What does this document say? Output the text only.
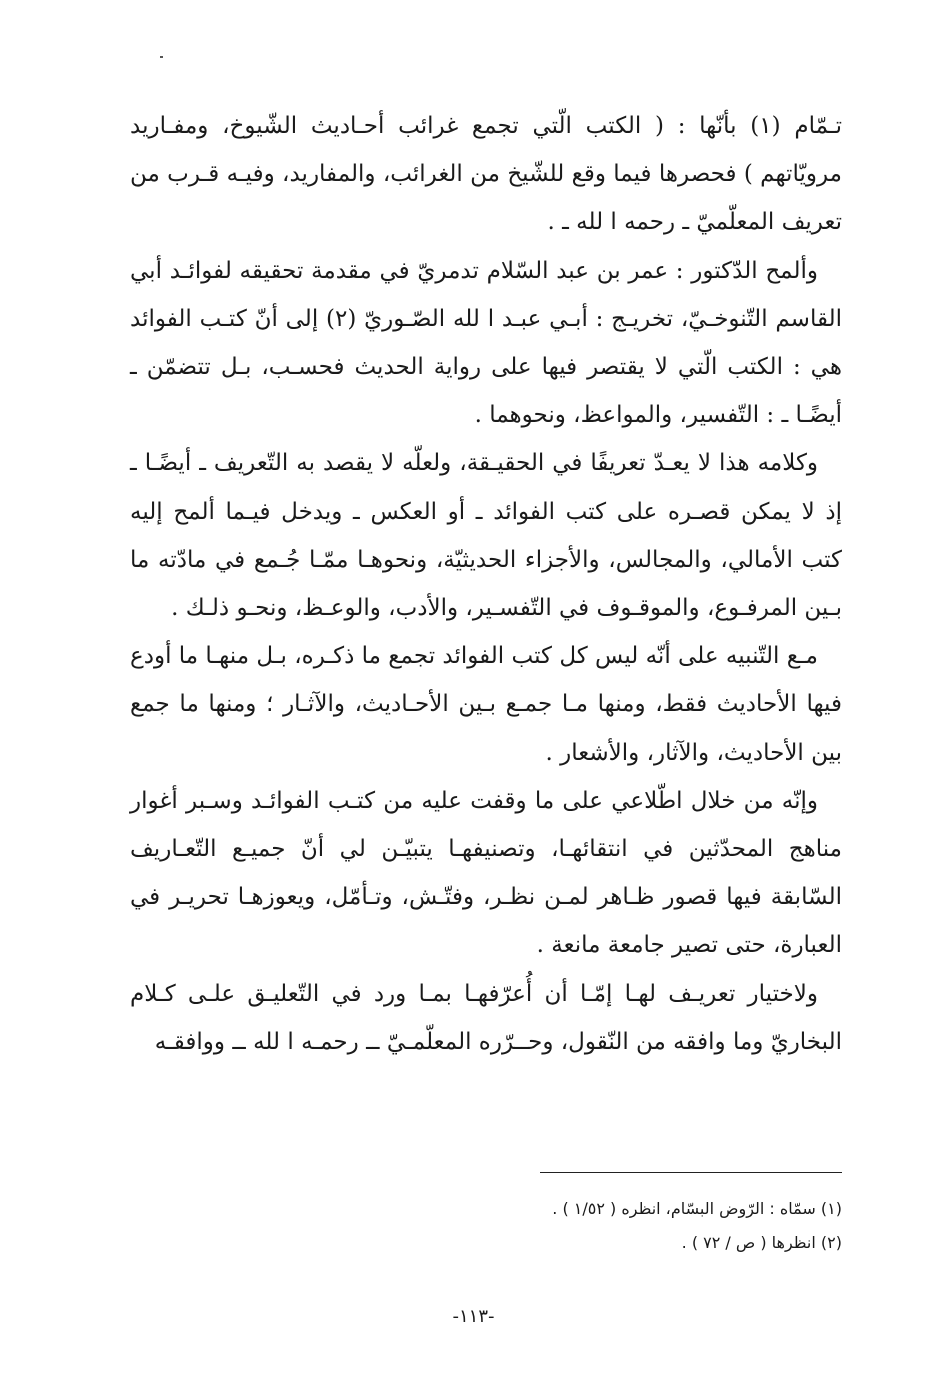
تـمّام (١) بأنّها : ( الكتب الّتي تجمع غرائب أحـاديث الشّيوخ، ومفـاريد مرويّاتهم ) فحصرها فيما وقع للشّيخ من الغرائب، والمفاريد، وفيـه قـرب من تعريف المعلّميّ ـ رحمه ا لله ـ .

وألمح الدّكتور : عمر بن عبد السّلام تدمريّ في مقدمة تحقيقه لفوائـد أبي القاسم التّنوخـيّ، تخريـج : أبـي عبـد ا لله الصّـوريّ (٢) إلى أنّ كتـب الفوائد هي : الكتب الّتي لا يقتصر فيها على رواية الحديث فحسـب، بـل تتضمّن ـ أيضًـا ـ : التّفسير، والمواعظ، ونحوهما .

وكلامه هذا لا يعـدّ تعريفًا في الحقيـقة، ولعلّه لا يقصد به التّعريف ـ أيضًـا ـ إذ لا يمكن قصـره على كتب الفوائد ـ أو العكس ـ ويدخل فيـما ألمح إليه كتب الأمالي، والمجالس، والأجزاء الحديثيّة، ونحوهـا ممّـا جُـمع في مادّته ما بـين المرفـوع، والموقـوف في التّفسـير، والأدب، والوعـظ، ونحـو ذلـك .

مـع التّنبيه على أنّه ليس كل كتب الفوائد تجمع ما ذكـره، بـل منهـا ما أودع فيها الأحاديث فقط، ومنها مـا جمـع بـين الأحـاديث، والآثـار ؛ ومنها ما جمع بين الأحاديث، والآثار، والأشعار .

وإنّه من خلال اطّلاعي على ما وقفت عليه من كتـب الفوائـد وسـبر أغوار مناهج المحدّثين في انتقائهـا، وتصنيفهـا يتبيّـن لي أنّ جميـع التّعـاريف السّابقة فيها قصور ظـاهر لمـن نظـر، وفتّـش، وتـأمّل، ويعوزهـا تحريـر في العبارة، حتى تصير جامعة مانعة .

ولاختيار تعريـف لهـا إمّـا أن أُعرّفهـا بمـا ورد في التّعليـق علـى كـلام البخاريّ وما وافقه من النّقول، وحــرّره المعلّمـيّ ــ رحمـه ا لله ــ ووافقـه

(١) سمّاه : الرّوض البسّام، انظره ( ١/٥٢ ) .
(٢) انظرها ( ص / ٧٢ ) .
-١١٣-
